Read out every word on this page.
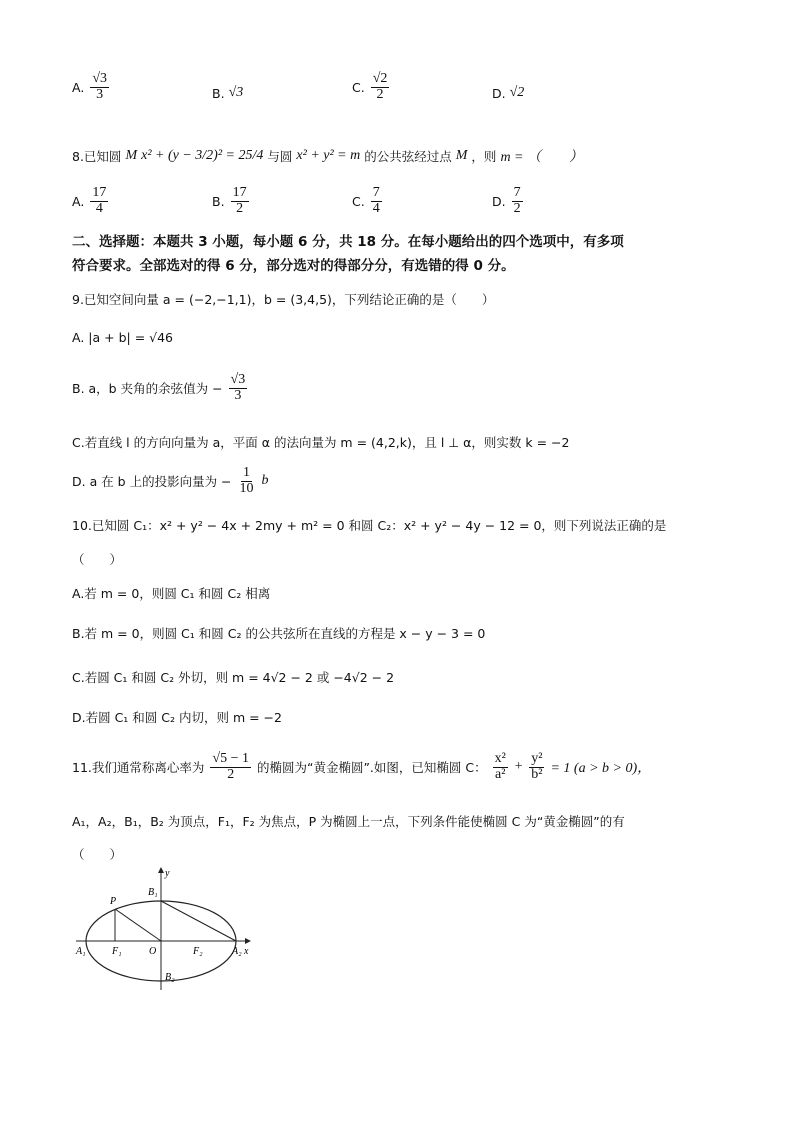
A. $\frac{√3}{3}$	B. √3	C. $\frac{√2}{2}$	D. √2
8.已知圆 M x² + (y − 3/2)² = 25/4 与圆 x² + y² = m 的公共弦经过点 M ，则 m = （　　）
A. $\frac{17}{4}$	B. $\frac{17}{2}$	C. $\frac{7}{4}$	D. $\frac{7}{2}$
二、选择题：本题共 3 小题，每小题 6 分，共 18 分。在每小题给出的四个选项中，有多项
符合要求。全部选对的得 6 分，部分选对的得部分分，有选错的得 0 分。
9.已知空间向量 a = (−2,−1,1)，b = (3,4,5)，下列结论正确的是（　　）
A. |a + b| = √46
B. a，b 夹角的余弦值为 − $\frac{√3}{3}$
C.若直线 l 的方向向量为 a，平面 α 的法向量为 m = (4,2,k)，且 l ⊥ α，则实数 k = −2
D. a 在 b 上的投影向量为 − $\frac{1}{10}$ b
10.已知圆 C₁：x² + y² − 4x + 2my + m² = 0 和圆 C₂：x² + y² − 4y − 12 = 0，则下列说法正确的是
（　　）
A.若 m = 0，则圆 C₁ 和圆 C₂ 相离
B.若 m = 0，则圆 C₁ 和圆 C₂ 的公共弦所在直线的方程是 x − y − 3 = 0
C.若圆 C₁ 和圆 C₂ 外切，则 m = 4√2 − 2 或 −4√2 − 2
D.若圆 C₁ 和圆 C₂ 内切，则 m = −2
11.我们通常称离心率为 $\frac{√5 - 1}{2}$ 的椭圆为“黄金椭圆”.如图，已知椭圆 C： $\frac{\text{x²}}{\text{a²}} + \frac{\text{y²}}{\text{b²}} = 1$ (a > b > 0)，
A₁，A₂，B₁，B₂ 为顶点，F₁，F₂ 为焦点，P 为椭圆上一点，下列条件能使椭圆 C 为“黄金椭圆”的有
（　　）
y
B₁
P
A₁	F₁	O	F₂	A₂ x
B₂
